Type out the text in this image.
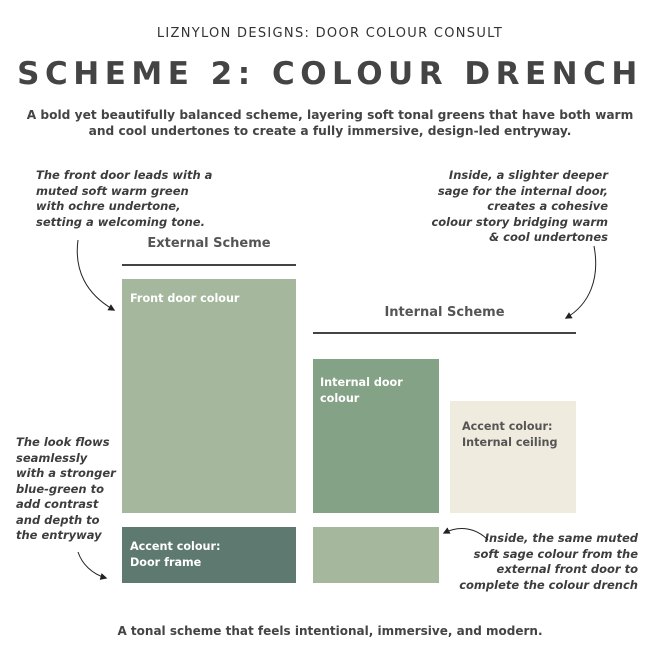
LIZNYLON DESIGNS: DOOR COLOUR CONSULT
SCHEME 2: COLOUR DRENCH
A bold yet beautifully balanced scheme, layering soft tonal greens that have both warm and cool undertones to create a fully immersive, design-led entryway.
The front door leads with a
muted soft warm green
with ochre undertone,
setting a welcoming tone.
Inside, a slighter deeper
sage for the internal door,
creates a cohesive
colour story bridging warm
& cool undertones
The look flows
seamlessly
with a stronger
blue-green to
add contrast
and depth to
the entryway	Inside, the same muted
soft sage colour from the
external front door to
complete the colour drench
External Scheme
Internal Scheme
Front door colour
Accent colour:
Door frame
Internal door colour
Accent colour:
Internal ceiling
A tonal scheme that feels intentional, immersive, and modern.
